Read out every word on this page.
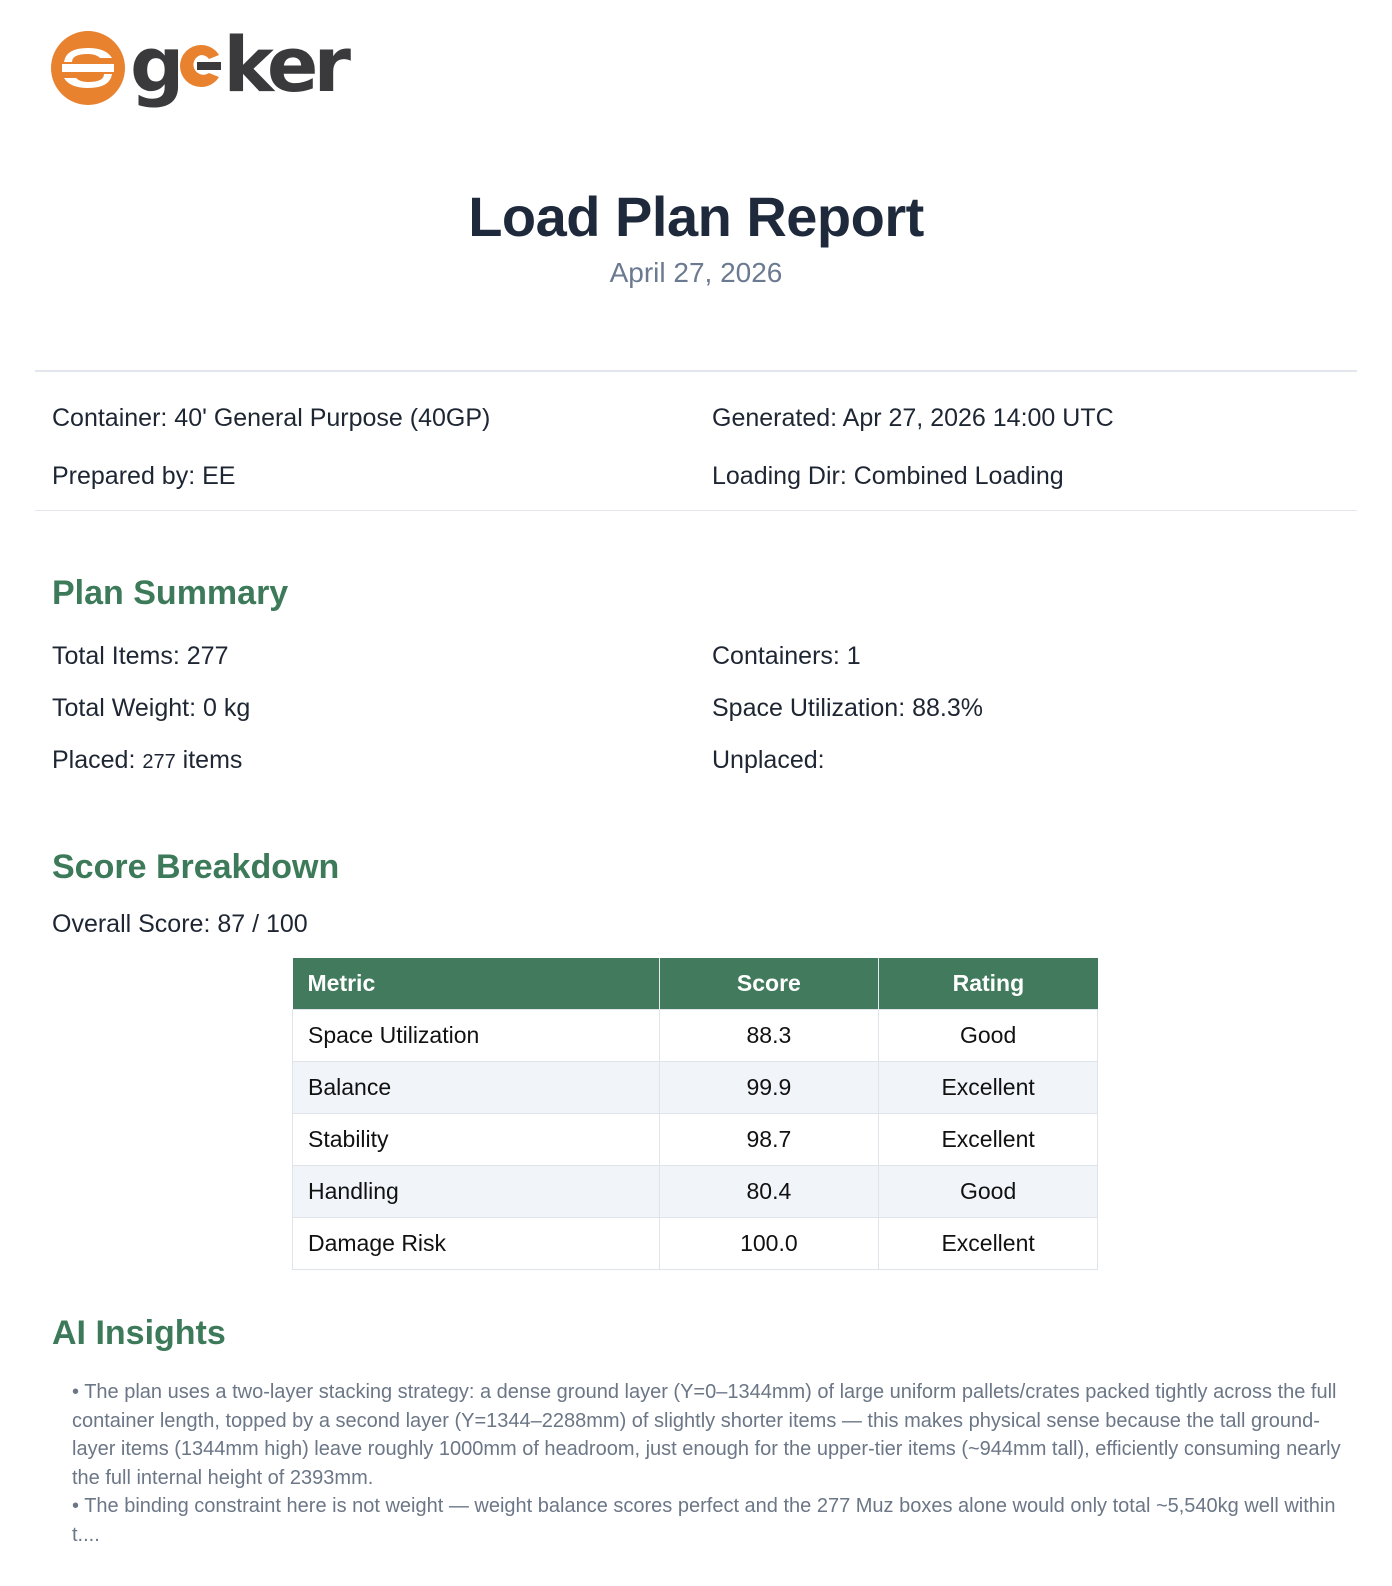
g ker
Load Plan Report
April 27, 2026
Container: 40' General Purpose (40GP)	Generated: Apr 27, 2026 14:00 UTC
Prepared by: EE	Loading Dir: Combined Loading
Plan Summary
Total Items: 277	Containers: 1
Total Weight: 0 kg	Space Utilization: 88.3%
Placed: 277 items	Unplaced:
Score Breakdown
Overall Score: 87 / 100
Metric	Score	Rating
Space Utilization	88.3	Good
Balance	99.9	Excellent
Stability	98.7	Excellent
Handling	80.4	Good
Damage Risk	100.0	Excellent
AI Insights

• The plan uses a two-layer stacking strategy: a dense ground layer (Y=0–1344mm) of large uniform pallets/crates packed tightly across the full container length, topped by a second layer (Y=1344–2288mm) of slightly shorter items — this makes physical sense because the tall ground-layer items (1344mm high) leave roughly 1000mm of headroom, just enough for the upper-tier items (~944mm tall), efficiently consuming nearly the full internal height of 2393mm.

• The binding constraint here is not weight — weight balance scores perfect and the 277 Muz boxes alone would only total ~5,540kg well within t....
